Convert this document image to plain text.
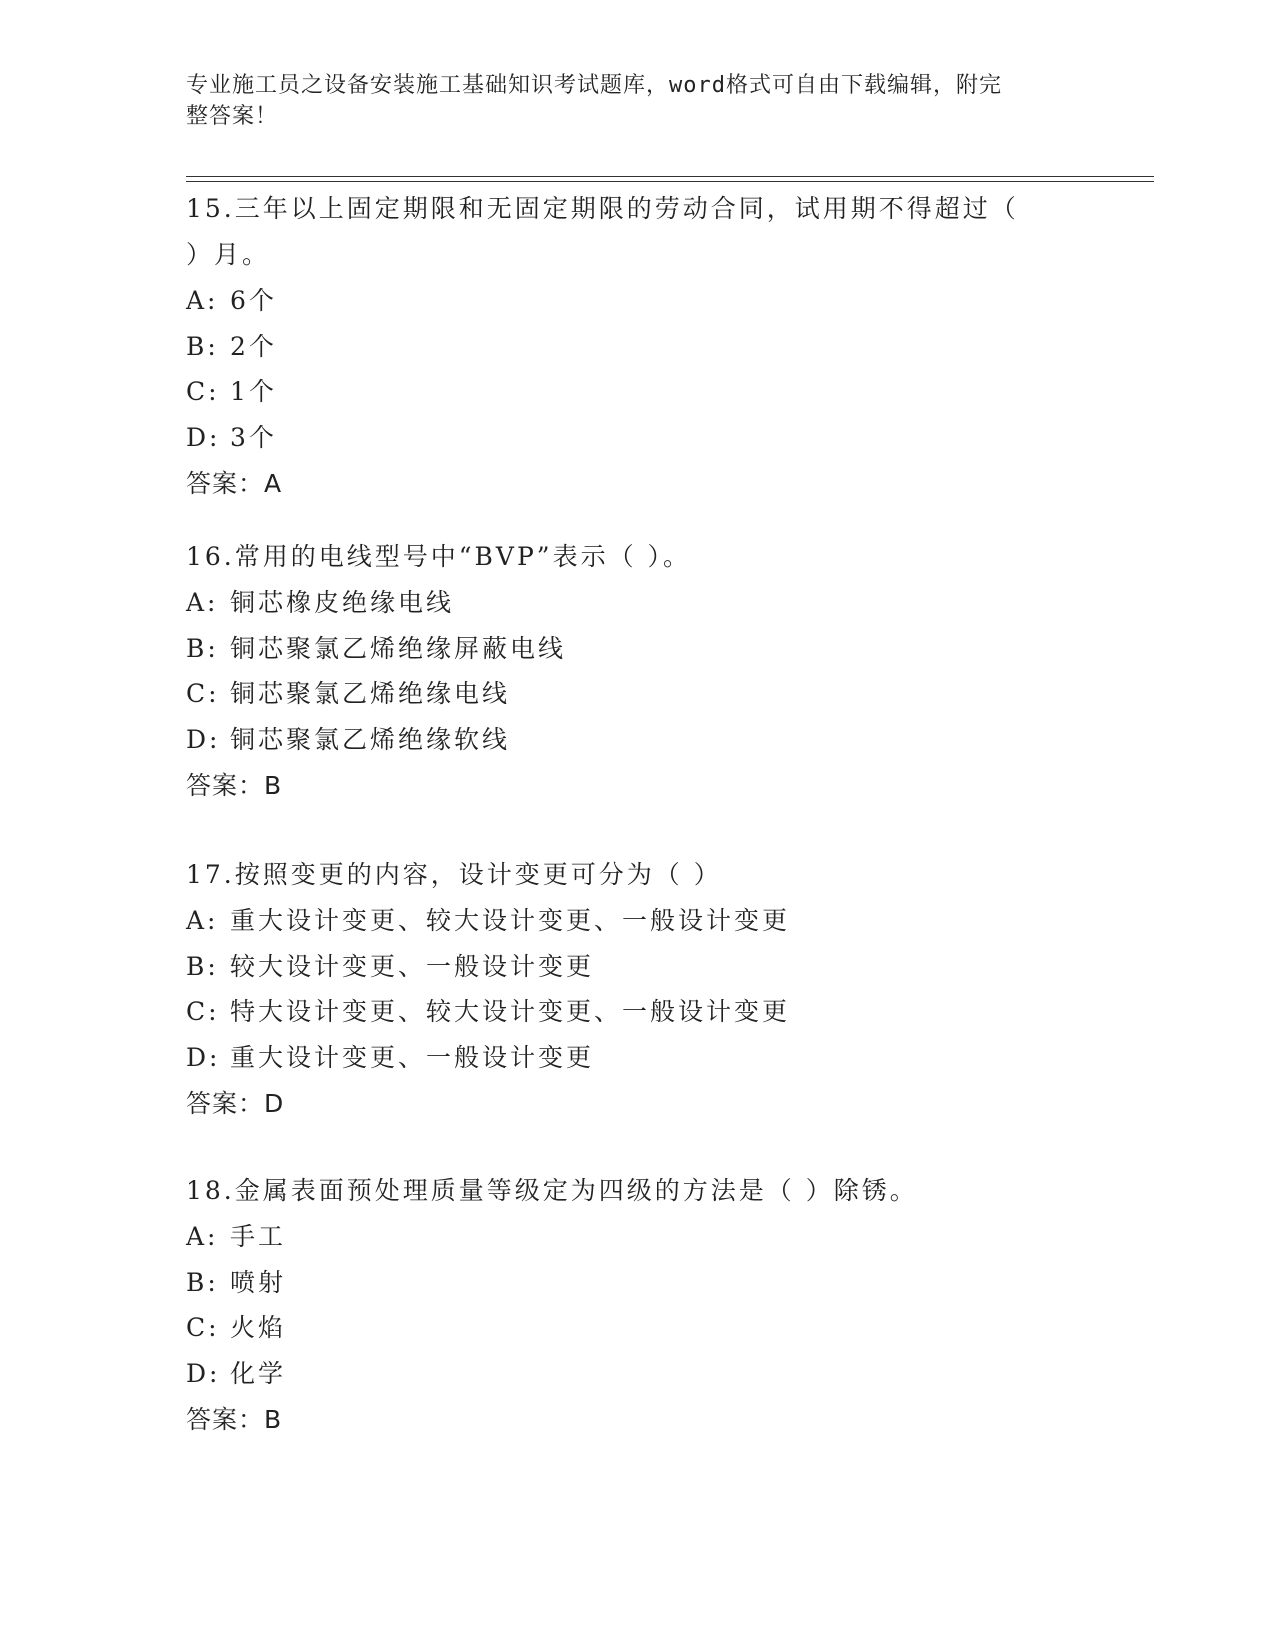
专业施工员之设备安装施工基础知识考试题库，word格式可自由下载编辑，附完
整答案！
15.三年以上固定期限和无固定期限的劳动合同，试用期不得超过（
）月。
A: 6个
B: 2个
C: 1个
D: 3个
答案：A
16.常用的电线型号中“BVP”表示（ ）。
A: 铜芯橡皮绝缘电线
B: 铜芯聚氯乙烯绝缘屏蔽电线
C: 铜芯聚氯乙烯绝缘电线
D: 铜芯聚氯乙烯绝缘软线
答案：B
17.按照变更的内容，设计变更可分为（ ）
A: 重大设计变更、较大设计变更、一般设计变更
B: 较大设计变更、一般设计变更
C: 特大设计变更、较大设计变更、一般设计变更
D: 重大设计变更、一般设计变更
答案：D
18.金属表面预处理质量等级定为四级的方法是（ ）除锈。
A: 手工
B: 喷射
C: 火焰
D: 化学
答案：B
